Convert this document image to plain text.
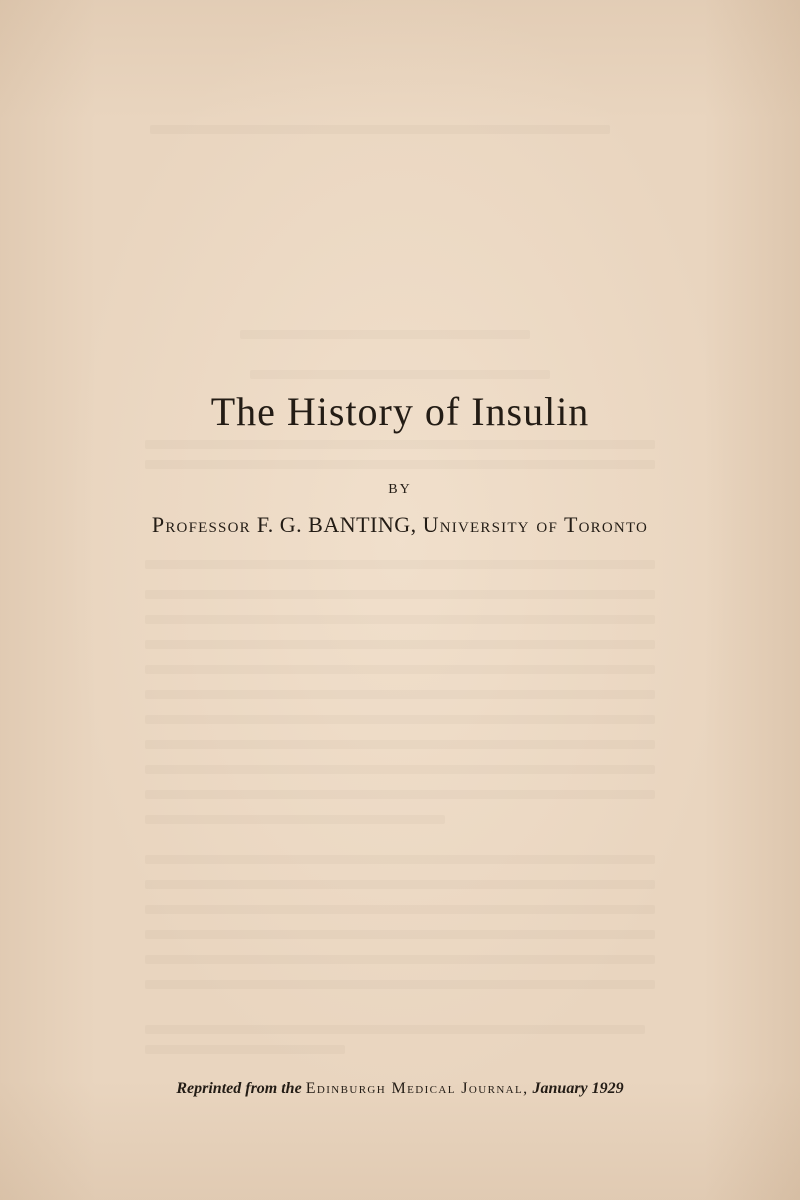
The History of Insulin
BY
Professor F. G. BANTING, University of Toronto
Reprinted from the Edinburgh Medical Journal, January 1929
